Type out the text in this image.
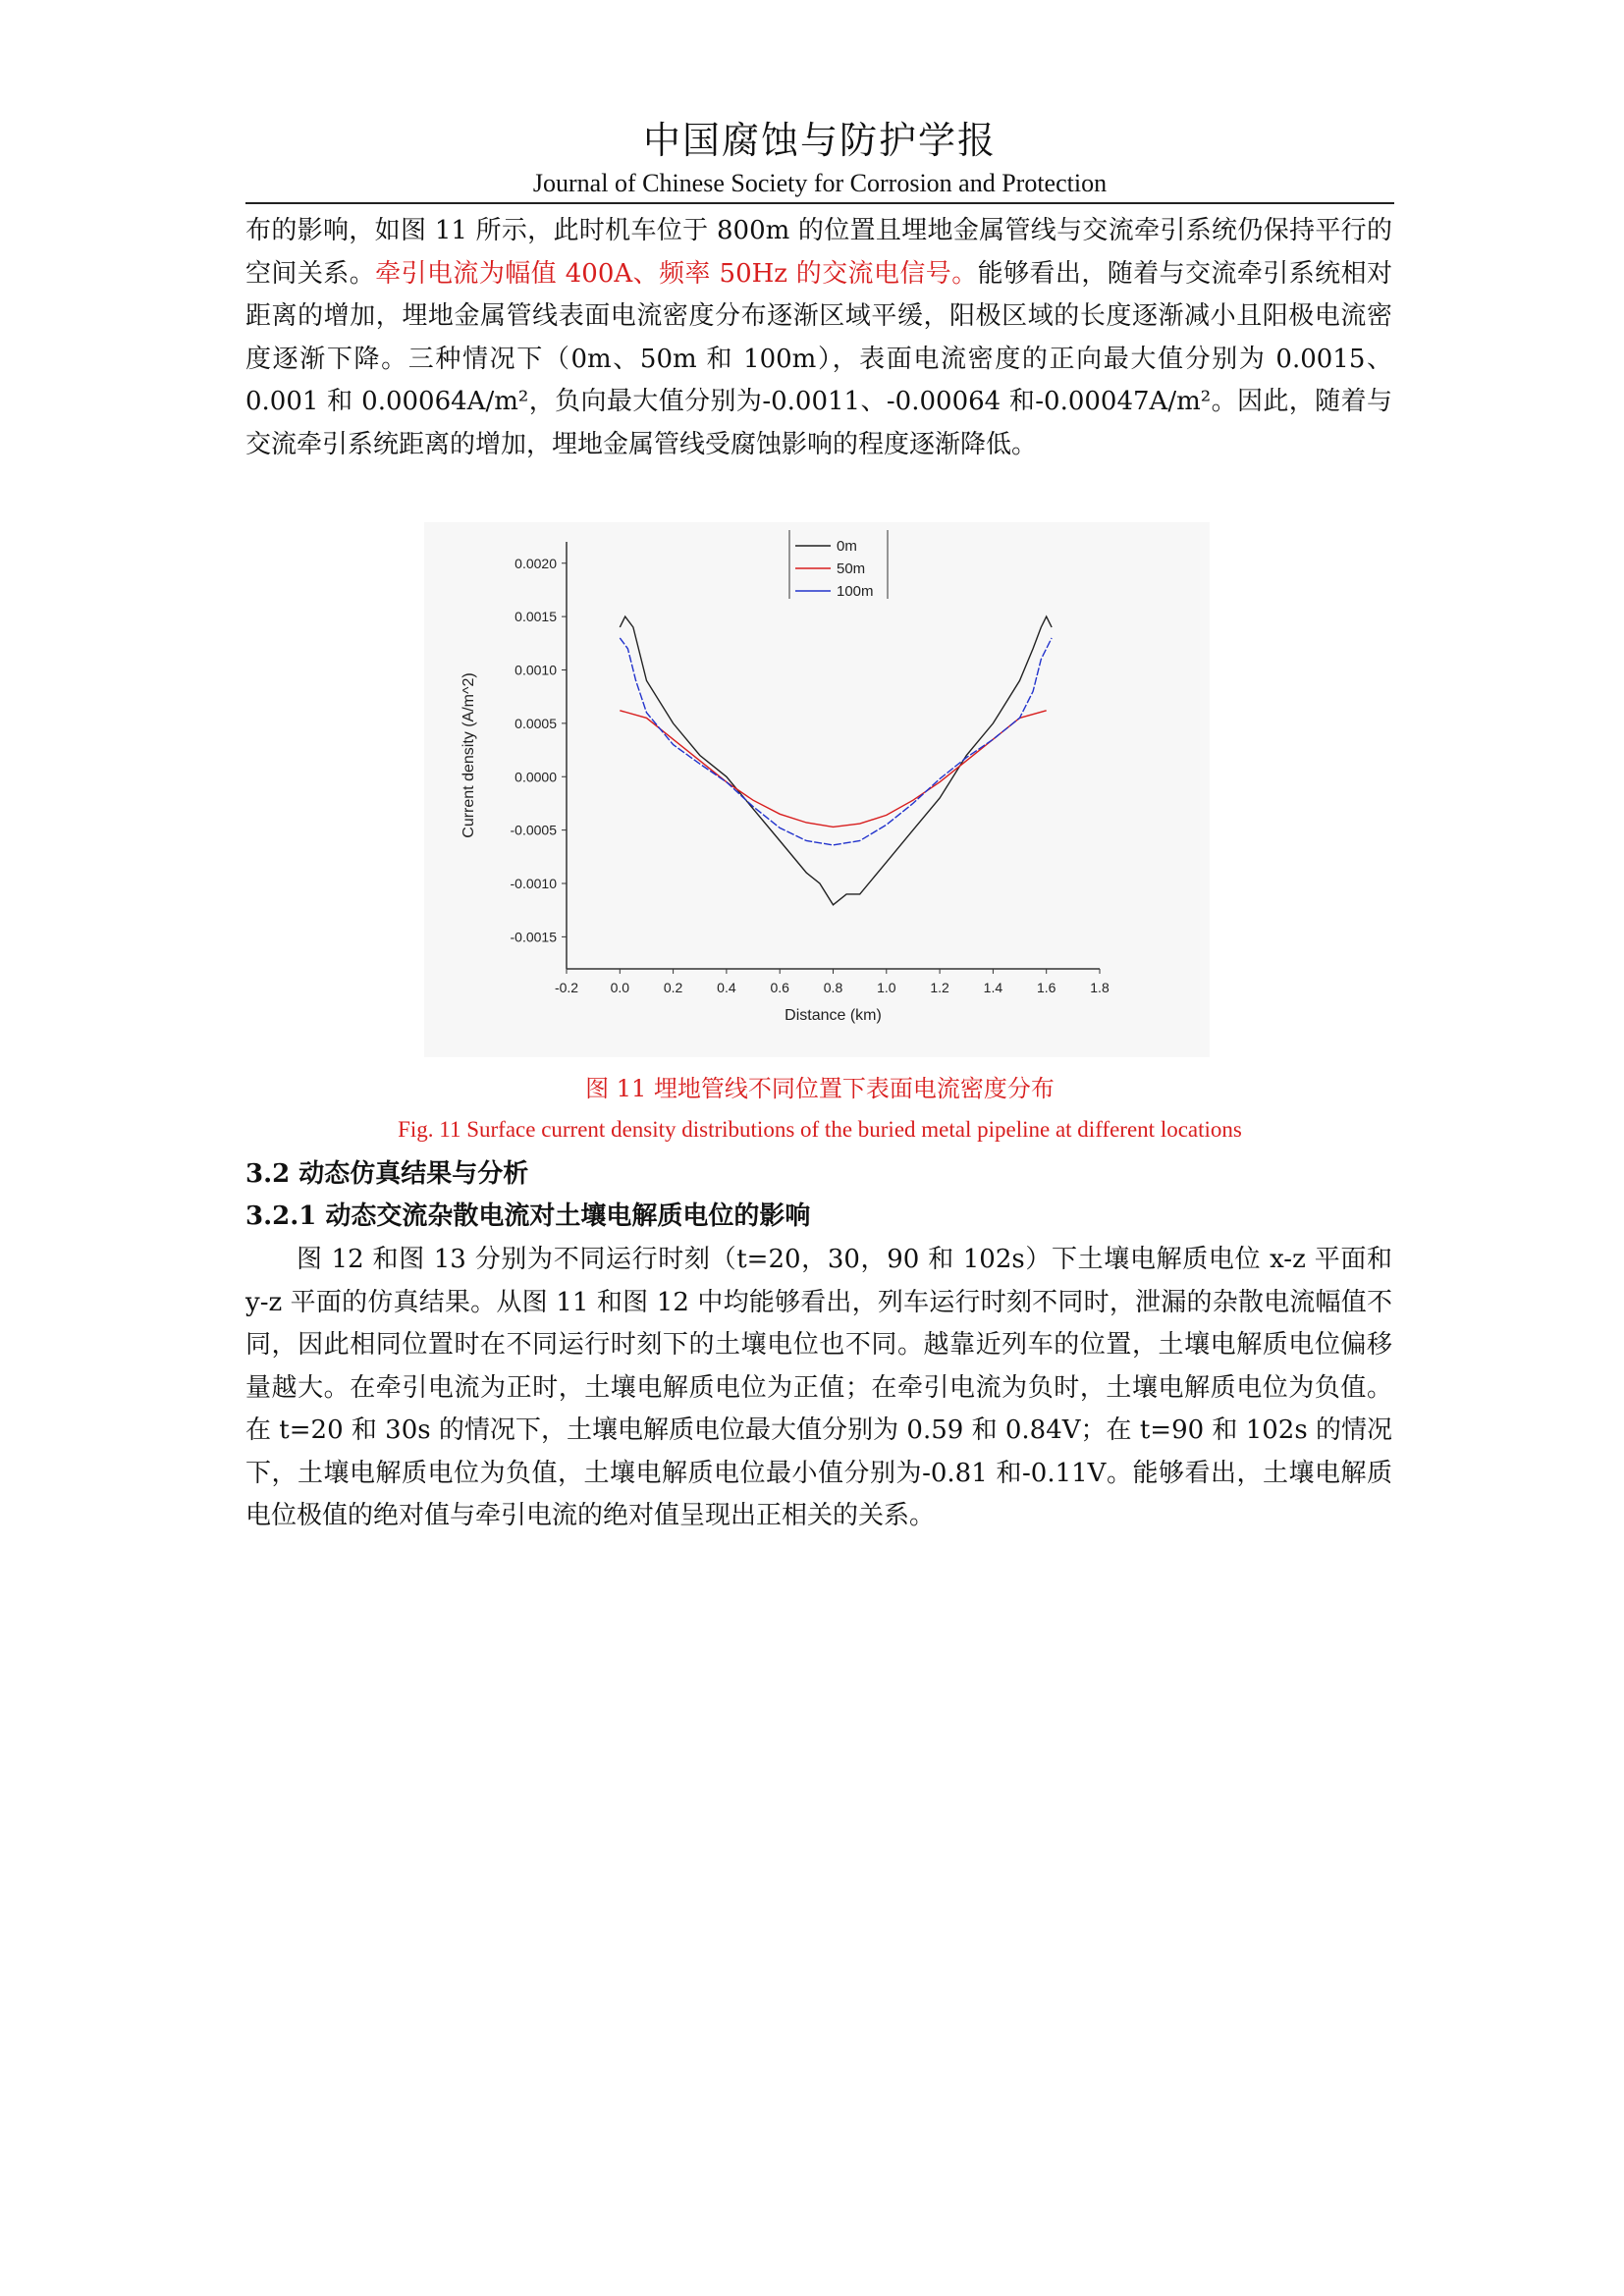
中国腐蚀与防护学报
Journal of Chinese Society for Corrosion and Protection

布的影响，如图 11 所示，此时机车位于 800m 的位置且埋地金属管线与交流牵引系统仍保持平行的空间关系。牵引电流为幅值 400A、频率 50Hz 的交流电信号。能够看出，随着与交流牵引系统相对距离的增加，埋地金属管线表面电流密度分布逐渐区域平缓，阳极区域的长度逐渐减小且阳极电流密度逐渐下降。三种情况下（0m、50m 和 100m），表面电流密度的正向最大值分别为 0.0015、0.001 和 0.00064A/m²，负向最大值分别为-0.0011、-0.00064 和-0.00047A/m²。因此，随着与交流牵引系统距离的增加，埋地金属管线受腐蚀影响的程度逐渐降低。

-0.0015
-0.0010
-0.0005
0.0000
0.0005
0.0010
0.0015
0.0020
-0.2 0.0 0.2 0.4 0.6 0.8 1.0 1.2 1.4 1.6 1.8
Distance (km)
Current density (A/m^2)
0m
50m
100m
图 11 埋地管线不同位置下表面电流密度分布
Fig. 11 Surface current density distributions of the buried metal pipeline at different locations
3.2 动态仿真结果与分析
3.2.1 动态交流杂散电流对土壤电解质电位的影响

图 12 和图 13 分别为不同运行时刻（t=20，30，90 和 102s）下土壤电解质电位 x-z 平面和 y-z 平面的仿真结果。从图 11 和图 12 中均能够看出，列车运行时刻不同时，泄漏的杂散电流幅值不同，因此相同位置时在不同运行时刻下的土壤电位也不同。越靠近列车的位置，土壤电解质电位偏移量越大。在牵引电流为正时，土壤电解质电位为正值；在牵引电流为负时，土壤电解质电位为负值。在 t=20 和 30s 的情况下，土壤电解质电位最大值分别为 0.59 和 0.84V；在 t=90 和 102s 的情况下，土壤电解质电位为负值，土壤电解质电位最小值分别为-0.81 和-0.11V。能够看出，土壤电解质电位极值的绝对值与牵引电流的绝对值呈现出正相关的关系。
